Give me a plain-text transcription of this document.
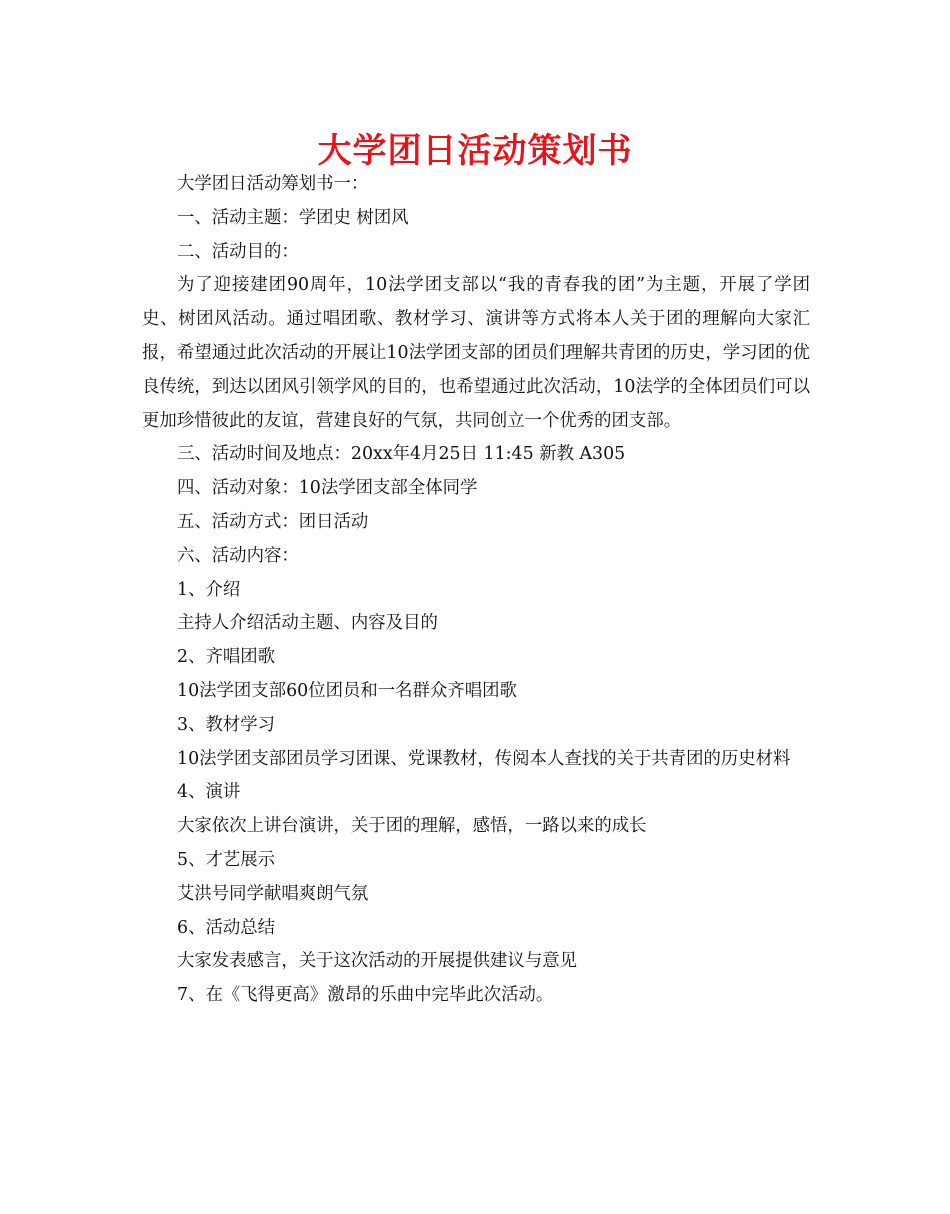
大学团日活动策划书

大学团日活动筹划书一：

一、活动主题：学团史 树团风

二、活动目的：

为了迎接建团90周年，10法学团支部以“我的青春我的团”为主题，开展了学团史、树团风活动。通过唱团歌、教材学习、演讲等方式将本人关于团的理解向大家汇报，希望通过此次活动的开展让10法学团支部的团员们理解共青团的历史，学习团的优良传统，到达以团风引领学风的目的，也希望通过此次活动，10法学的全体团员们可以更加珍惜彼此的友谊，营建良好的气氛，共同创立一个优秀的团支部。

三、活动时间及地点：20xx年4月25日 11:45 新教 A305

四、活动对象：10法学团支部全体同学

五、活动方式：团日活动

六、活动内容：

1、介绍

主持人介绍活动主题、内容及目的

2、齐唱团歌

10法学团支部60位团员和一名群众齐唱团歌

3、教材学习

10法学团支部团员学习团课、党课教材，传阅本人查找的关于共青团的历史材料

4、演讲

大家依次上讲台演讲，关于团的理解，感悟，一路以来的成长

5、才艺展示

艾洪号同学献唱爽朗气氛

6、活动总结

大家发表感言，关于这次活动的开展提供建议与意见

7、在《飞得更高》激昂的乐曲中完毕此次活动。
